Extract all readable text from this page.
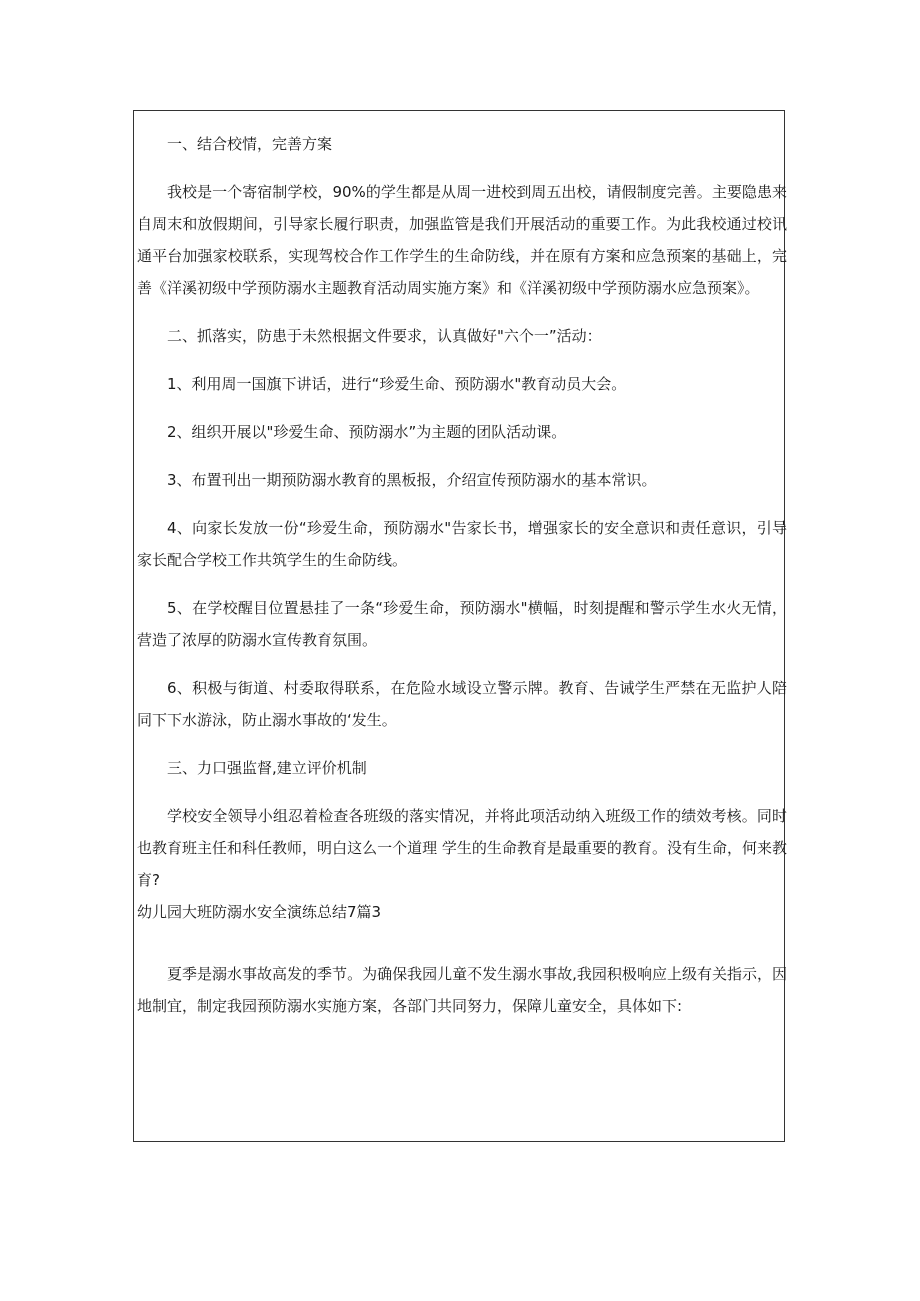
一、结合校情，完善方案

我校是一个寄宿制学校，90%的学生都是从周一进校到周五出校，请假制度完善。主要隐患来自周末和放假期间，引导家长履行职责，加强监管是我们开展活动的重要工作。为此我校通过校讯通平台加强家校联系，实现驾校合作工作学生的生命防线，并在原有方案和应急预案的基础上，完善《洋溪初级中学预防溺水主题教育活动周实施方案》和《洋溪初级中学预防溺水应急预案》。

二、抓落实，防患于未然根据文件要求，认真做好"六个一”活动：

1、利用周一国旗下讲话，进行“珍爱生命、预防溺水"教育动员大会。

2、组织开展以"珍爱生命、预防溺水”为主题的团队活动课。

3、布置刊出一期预防溺水教育的黑板报，介绍宣传预防溺水的基本常识。

4、向家长发放一份“珍爱生命，预防溺水"告家长书，增强家长的安全意识和责任意识，引导家长配合学校工作共筑学生的生命防线。

5、在学校醒目位置悬挂了一条“珍爱生命，预防溺水"横幅，时刻提醒和警示学生水火无情，营造了浓厚的防溺水宣传教育氛围。

6、积极与街道、村委取得联系，在危险水域设立警示牌。教育、告诫学生严禁在无监护人陪同下下水游泳，防止溺水事故的‘发生。

三、力口强监督,建立评价机制

学校安全领导小组忍着检查各班级的落实情况，并将此项活动纳入班级工作的绩效考核。同时也教育班主任和科任教师，明白这么一个道理 学生的生命教育是最重要的教育。没有生命，何来教育?

幼儿园大班防溺水安全演练总结7篇3

夏季是溺水事故高发的季节。为确保我园儿童不发生溺水事故,我园积极响应上级有关指示，因地制宜，制定我园预防溺水实施方案，各部门共同努力，保障儿童安全，具体如下:
